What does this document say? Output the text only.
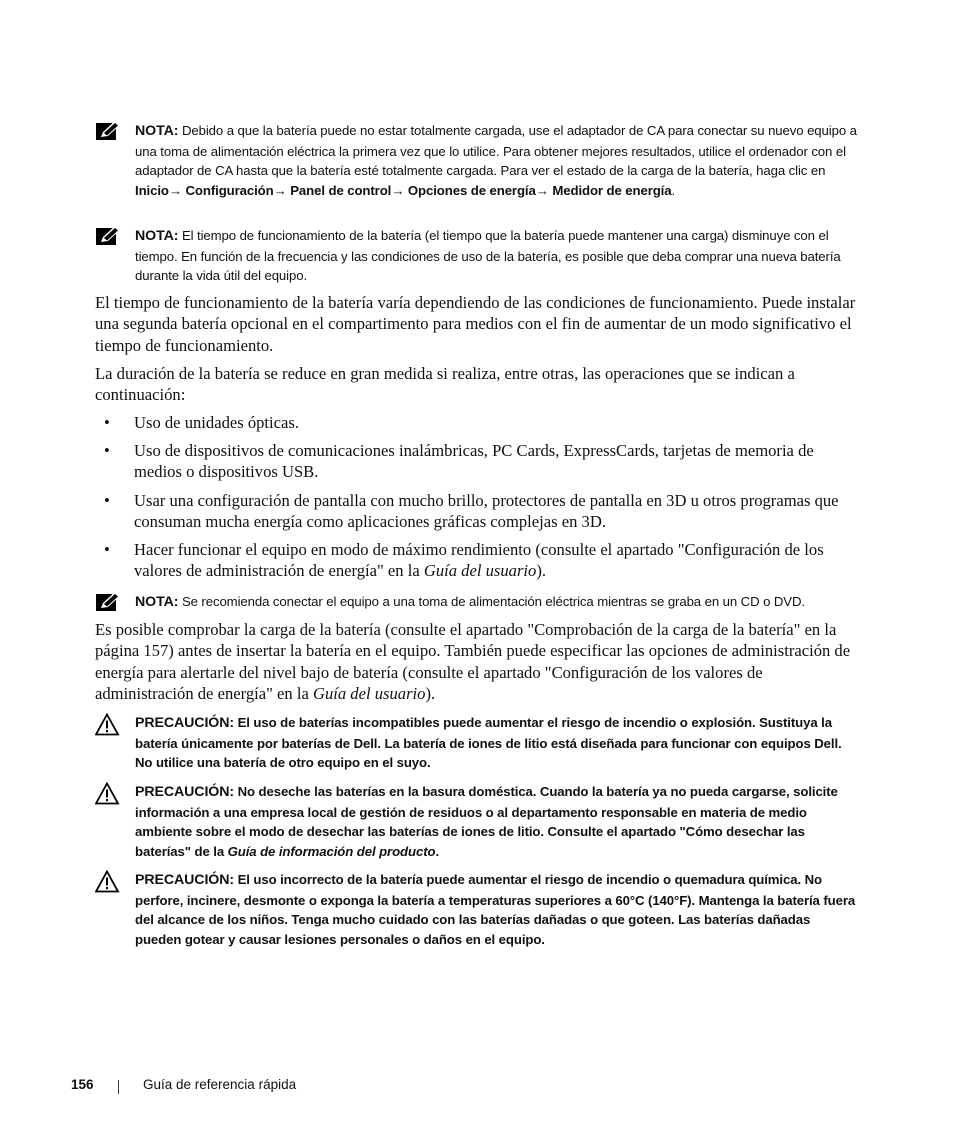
NOTA: Debido a que la batería puede no estar totalmente cargada, use el adaptador de CA para conectar su nuevo equipo a una toma de alimentación eléctrica la primera vez que lo utilice. Para obtener mejores resultados, utilice el ordenador con el adaptador de CA hasta que la batería esté totalmente cargada. Para ver el estado de la carga de la batería, haga clic en Inicio→ Configuración→ Panel de control→ Opciones de energía→ Medidor de energía.
NOTA: El tiempo de funcionamiento de la batería (el tiempo que la batería puede mantener una carga) disminuye con el tiempo. En función de la frecuencia y las condiciones de uso de la batería, es posible que deba comprar una nueva batería durante la vida útil del equipo.
El tiempo de funcionamiento de la batería varía dependiendo de las condiciones de funcionamiento. Puede instalar una segunda batería opcional en el compartimento para medios con el fin de aumentar de un modo significativo el tiempo de funcionamiento.
La duración de la batería se reduce en gran medida si realiza, entre otras, las operaciones que se indican a continuación:
• Uso de unidades ópticas.
• Uso de dispositivos de comunicaciones inalámbricas, PC Cards, ExpressCards, tarjetas de memoria de medios o dispositivos USB.
• Usar una configuración de pantalla con mucho brillo, protectores de pantalla en 3D u otros programas que consuman mucha energía como aplicaciones gráficas complejas en 3D.
• Hacer funcionar el equipo en modo de máximo rendimiento (consulte el apartado "Configuración de los valores de administración de energía" en la Guía del usuario).
NOTA: Se recomienda conectar el equipo a una toma de alimentación eléctrica mientras se graba en un CD o DVD.
Es posible comprobar la carga de la batería (consulte el apartado "Comprobación de la carga de la batería" en la página 157) antes de insertar la batería en el equipo. También puede especificar las opciones de administración de energía para alertarle del nivel bajo de batería (consulte el apartado "Configuración de los valores de administración de energía" en la Guía del usuario).
PRECAUCIÓN: El uso de baterías incompatibles puede aumentar el riesgo de incendio o explosión. Sustituya la batería únicamente por baterías de Dell. La batería de iones de litio está diseñada para funcionar con equipos Dell. No utilice una batería de otro equipo en el suyo.
PRECAUCIÓN: No deseche las baterías en la basura doméstica. Cuando la batería ya no pueda cargarse, solicite información a una empresa local de gestión de residuos o al departamento responsable en materia de medio ambiente sobre el modo de desechar las baterías de iones de litio. Consulte el apartado "Cómo desechar las baterías" de la Guía de información del producto.
PRECAUCIÓN: El uso incorrecto de la batería puede aumentar el riesgo de incendio o quemadura química. No perfore, incinere, desmonte o exponga la batería a temperaturas superiores a 60°C (140°F). Mantenga la batería fuera del alcance de los niños. Tenga mucho cuidado con las baterías dañadas o que goteen. Las baterías dañadas pueden gotear y causar lesiones personales o daños en el equipo.
156	Guía de referencia rápida
